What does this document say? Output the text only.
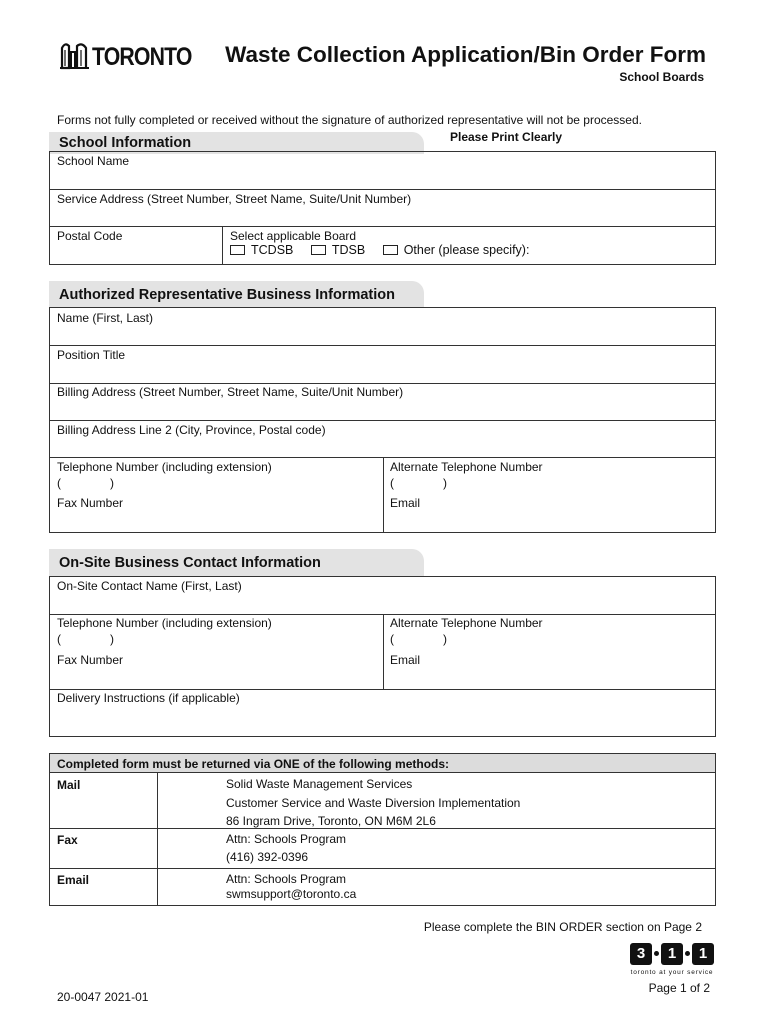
TORONTO Waste Collection Application/Bin Order Form
School Boards
Forms not fully completed or received without the signature of authorized representative will not be processed.
Please Print Clearly
School Information
School Name
Service Address (Street Number, Street Name, Suite/Unit Number)
Postal Code	Select applicable Board
TCDSB	TDSB	Other (please specify):
Authorized Representative Business Information
Name (First, Last)
Position Title
Billing Address (Street Number, Street Name, Suite/Unit Number)
Billing Address Line 2 (City, Province, Postal code)
Telephone Number (including extension)
(	)
Alternate Telephone Number
(	)
Fax Number	Email
On-Site Business Contact Information
On-Site Contact Name (First, Last)
Telephone Number (including extension)
(	)
Alternate Telephone Number
(	)
Fax Number	Email
Delivery Instructions (if applicable)
Completed form must be returned via ONE of the following methods:
Mail	Solid Waste Management Services
Customer Service and Waste Diversion Implementation
86 Ingram Drive, Toronto, ON M6M 2L6
Fax	Attn: Schools Program
(416) 392-0396
Email	Attn: Schools Program
swmsupport@toronto.ca
Please complete the BIN ORDER section on Page 2
3 1 1
toronto at your service
20-0047 2021-01
Page 1 of 2
